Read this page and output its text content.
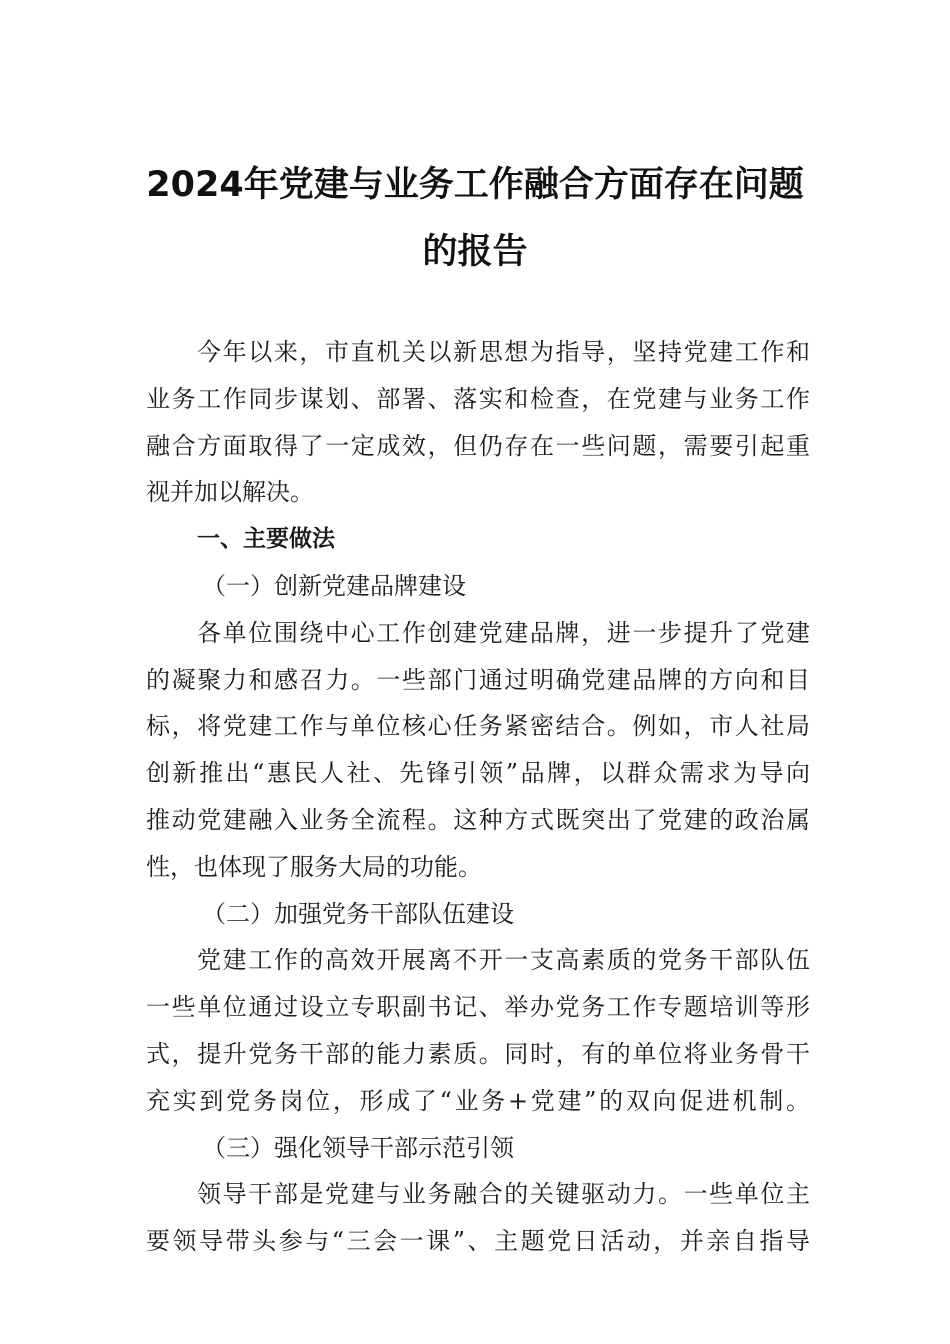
2024年党建与业务工作融合方面存在问题
的报告
今年以来，市直机关以新思想为指导，坚持党建工作和
业务工作同步谋划、部署、落实和检查，在党建与业务工作
融合方面取得了一定成效，但仍存在一些问题，需要引起重
视并加以解决。
一、主要做法
（一）创新党建品牌建设
各单位围绕中心工作创建党建品牌，进一步提升了党建
的凝聚力和感召力。一些部门通过明确党建品牌的方向和目
标，将党建工作与单位核心任务紧密结合。例如，市人社局
创新推出“惠民人社、先锋引领”品牌，以群众需求为导向
推动党建融入业务全流程。这种方式既突出了党建的政治属
性，也体现了服务大局的功能。
（二）加强党务干部队伍建设
党建工作的高效开展离不开一支高素质的党务干部队伍
一些单位通过设立专职副书记、举办党务工作专题培训等形
式，提升党务干部的能力素质。同时，有的单位将业务骨干
充实到党务岗位，形成了“业务+党建”的双向促进机制。
（三）强化领导干部示范引领
领导干部是党建与业务融合的关键驱动力。一些单位主
要领导带头参与“三会一课”、主题党日活动，并亲自指导
